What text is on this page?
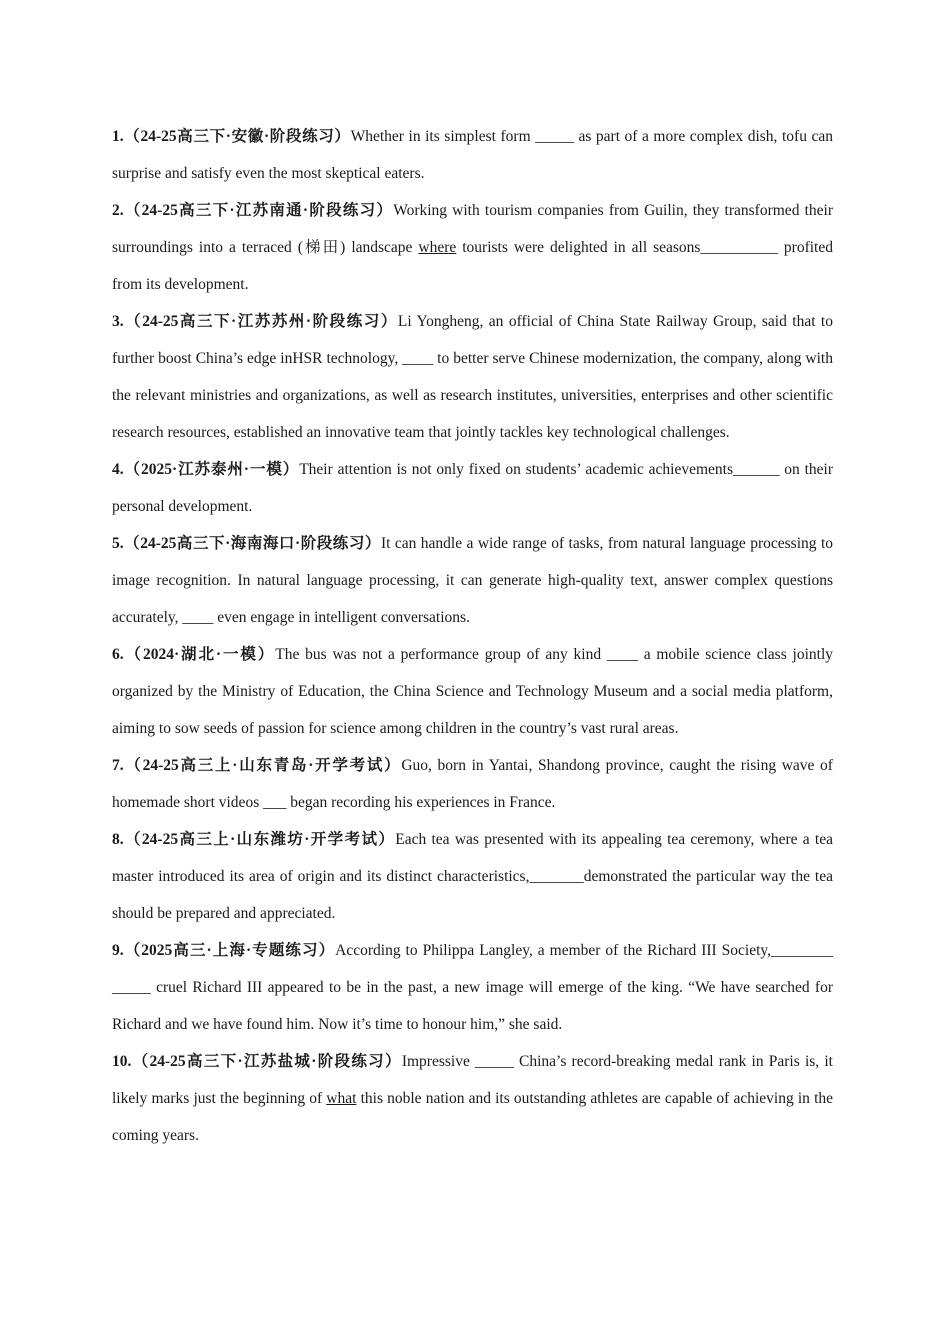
1.（24-25高三下·安徽·阶段练习）Whether in its simplest form _____ as part of a more complex dish, tofu can surprise and satisfy even the most skeptical eaters.

2.（24-25高三下·江苏南通·阶段练习）Working with tourism companies from Guilin, they transformed their surroundings into a terraced (梯田) landscape where tourists were delighted in all seasons__________ profited from its development.

3.（24-25高三下·江苏苏州·阶段练习）Li Yongheng, an official of China State Railway Group, said that to further boost China’s edge inHSR technology, ____ to better serve Chinese modernization, the company, along with the relevant ministries and organizations, as well as research institutes, universities, enterprises and other scientific research resources, established an innovative team that jointly tackles key technological challenges.

4.（2025·江苏泰州·一模）Their attention is not only fixed on students’ academic achievements______ on their personal development.

5.（24-25高三下·海南海口·阶段练习）It can handle a wide range of tasks, from natural language processing to image recognition. In natural language processing, it can generate high-quality text, answer complex questions accurately, ____ even engage in intelligent conversations.

6.（2024·湖北·一模）The bus was not a performance group of any kind ____ a mobile science class jointly organized by the Ministry of Education, the China Science and Technology Museum and a social media platform, aiming to sow seeds of passion for science among children in the country’s vast rural areas.

7.（24-25高三上·山东青岛·开学考试）Guo, born in Yantai, Shandong province, caught the rising wave of homemade short videos ___ began recording his experiences in France.

8.（24-25高三上·山东潍坊·开学考试）Each tea was presented with its appealing tea ceremony, where a tea master introduced its area of origin and its distinct characteristics,_______demonstrated the particular way the tea should be prepared and appreciated.

9.（2025高三·上海·专题练习）According to Philippa Langley, a member of the Richard III Society,________ _____ cruel Richard III appeared to be in the past, a new image will emerge of the king. “We have searched for Richard and we have found him. Now it’s time to honour him,” she said.

10.（24-25高三下·江苏盐城·阶段练习）Impressive _____ China’s record-breaking medal rank in Paris is, it likely marks just the beginning of what this noble nation and its outstanding athletes are capable of achieving in the coming years.
